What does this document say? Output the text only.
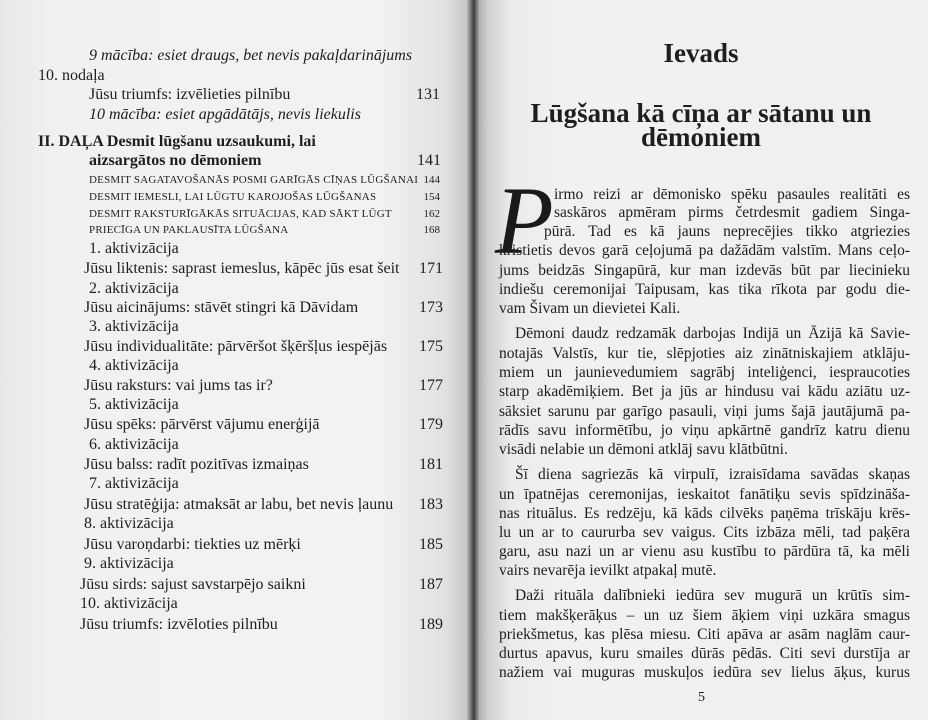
9 mācība: esiet draugs, bet nevis pakaļdarinājums
10. nodaļa
Jūsu triumfs: izvēlieties pilnību
10 mācība: esiet apgādātājs, nevis liekulis
II. DAĻA Desmit lūgšanu uzsaukumi, lai
aizsargātos no dēmoniem
DESMIT SAGATAVOŠANĀS POSMI GARĪGĀS CĪŅAS LŪGŠANAI
DESMIT IEMESLI, LAI LŪGTU KAROJOŠAS LŪGŠANAS
DESMIT RAKSTURĪGĀKĀS SITUĀCIJAS, KAD SĀKT LŪGT
PRIECĪGA UN PAKLAUSĪTA LŪGŠANA
1. aktivizācija
Jūsu liktenis: saprast iemeslus, kāpēc jūs esat šeit
2. aktivizācija
Jūsu aicinājums: stāvēt stingri kā Dāvidam
3. aktivizācija
Jūsu individualitāte: pārvēršot šķēršļus iespējās
4. aktivizācija
Jūsu raksturs: vai jums tas ir?
5. aktivizācija
Jūsu spēks: pārvērst vājumu enerģijā
6. aktivizācija
Jūsu balss: radīt pozitīvas izmaiņas
7. aktivizācija
Jūsu stratēģija: atmaksāt ar labu, bet nevis ļaunu
8. aktivizācija
Jūsu varoņdarbi: tiekties uz mērķi
9. aktivizācija
Jūsu sirds: sajust savstarpējo saikni
10. aktivizācija
Jūsu triumfs: izvēloties pilnību
131
141
144
154
162
168
171
173
175
177
179
181
183
185
187
189
Ievads
Lūgšana kā cīņa ar sātanu un
dēmoniem
P irmo reizi ar dēmonisko spēku pasaules realitāti es
saskāros apmēram pirms četrdesmit gadiem Singa-
pūrā. Tad es kā jauns neprecējies tikko atgriezies
kristietis devos garā ceļojumā pa dažādām valstīm. Mans ceļo-
jums beidzās Singapūrā, kur man izdevās būt par liecinieku
indiešu ceremonijai Taipusam, kas tika rīkota par godu die-
vam Šivam un dievietei Kali.
Dēmoni daudz redzamāk darbojas Indijā un Āzijā kā Savie-
notajās Valstīs, kur tie, slēpjoties aiz zinātniskajiem atklāju-
miem un jaunievedumiem sagrābj inteliģenci, iespraucoties
starp akadēmiķiem. Bet ja jūs ar hindusu vai kādu aziātu uz-
sāksiet sarunu par garīgo pasauli, viņi jums šajā jautājumā pa-
rādīs savu informētību, jo viņu apkārtnē gandrīz katru dienu
visādi nelabie un dēmoni atklāj savu klātbūtni.
Šī diena sagriezās kā virpulī, izraisīdama savādas skaņas
un īpatnējas ceremonijas, ieskaitot fanātiķu sevis spīdzināša-
nas rituālus. Es redzēju, kā kāds cilvēks paņēma trīskāju krēs-
lu un ar to caururba sev vaigus. Cits izbāza mēli, tad paķēra
garu, asu nazi un ar vienu asu kustību to pārdūra tā, ka mēli
vairs nevarēja ievilkt atpakaļ mutē.
Daži rituāla dalībnieki iedūra sev mugurā un krūtīs sim-
tiem makšķerāķus – un uz šiem āķiem viņi uzkāra smagus
priekšmetus, kas plēsa miesu. Citi apāva ar asām naglām caur-
durtus apavus, kuru smailes dūrās pēdās. Citi sevi durstīja ar
nažiem vai muguras muskuļos iedūra sev lielus āķus, kurus
5
